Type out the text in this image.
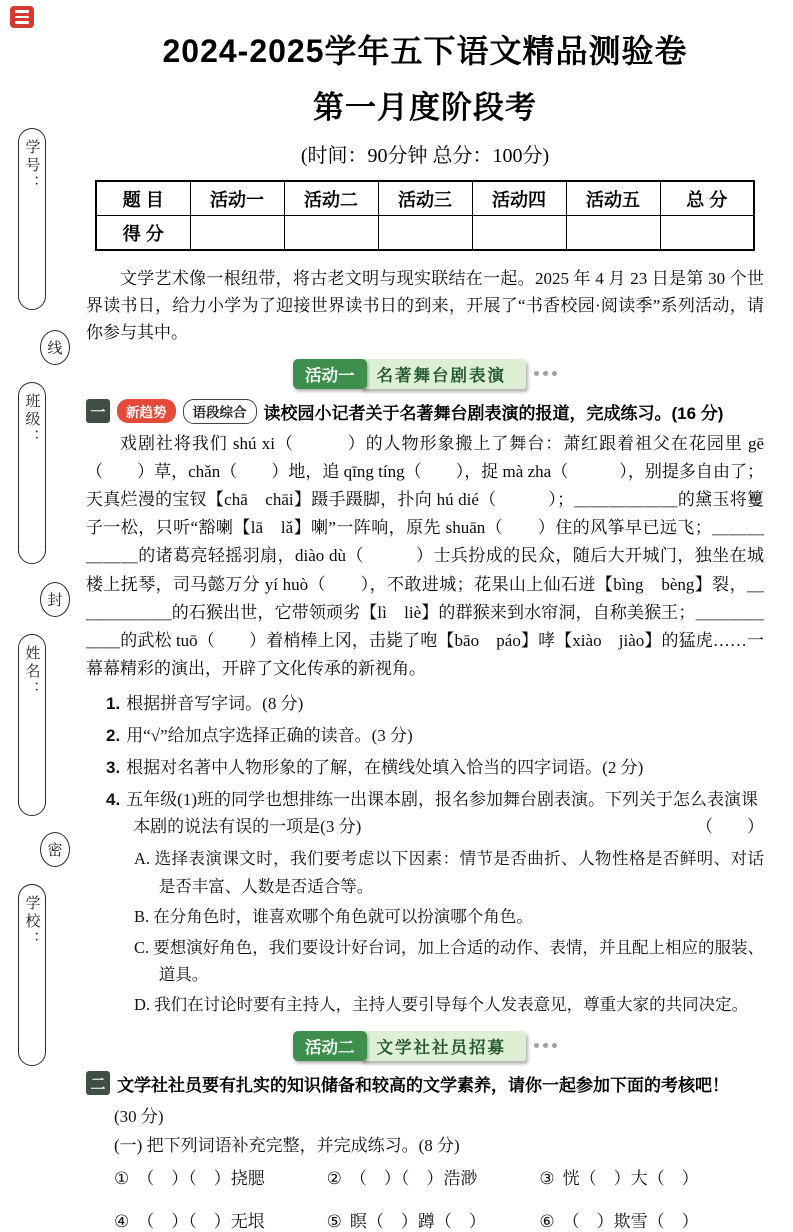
学号：
线
班级：
封
姓名：
密
学校：
2024-2025学年五下语文精品测验卷
第一月度阶段考
(时间：90分钟 总分：100分)
题 目	活动一	活动二	活动三	活动四	活动五	总 分
得 分						

文学艺术像一根纽带，将古老文明与现实联结在一起。2025 年 4 月 23 日是第 30 个世界读书日，给力小学为了迎接世界读书日的到来，开展了“书香校园·阅读季”系列活动，请你参与其中。

活动一	名著舞台剧表演
一	新趋势	语段综合	读校园小记者关于名著舞台剧表演的报道，完成练习。(16 分)

戏剧社将我们 shú xi（　　　）的人物形象搬上了舞台：萧红跟着祖父在花园里 gē（　　）草，chǎn（　　）地，追 qīng tíng（　　），捉 mà zha（　　　），别提多自由了；天真烂漫的宝钗【chā　chāi】蹑手蹑脚，扑向 hú dié（　　　）；＿＿＿＿＿＿的黛玉将籰子一松，只听“豁喇【lā　lǎ】喇”一阵响，原先 shuān（　　）住的风筝早已远飞；＿＿＿＿＿＿的诸葛亮轻摇羽扇，diào dù（　　　）士兵扮成的民众，随后大开城门，独坐在城楼上抚琴，司马懿万分 yí huò（　　），不敢进城；花果山上仙石迸【bìng　bèng】裂，＿＿＿＿＿＿的石猴出世，它带领顽劣【lì　liè】的群猴来到水帘洞，自称美猴王；＿＿＿＿＿＿的武松 tuō（　　）着梢棒上冈，击毙了咆【bāo　páo】哮【xiào　jiào】的猛虎……一幕幕精彩的演出，开辟了文化传承的新视角。

1. 根据拼音写字词。(8 分)
2. 用“√”给加点字选择正确的读音。(3 分)
3. 根据对名著中人物形象的了解，在横线处填入恰当的四字词语。(2 分)
4. 五年级(1)班的同学也想排练一出课本剧，报名参加舞台剧表演。下列关于怎么表演课本剧的说法有误的一项是(3 分)	（　　）
A. 选择表演课文时，我们要考虑以下因素：情节是否曲折、人物性格是否鲜明、对话是否丰富、人数是否适合等。
B. 在分角色时，谁喜欢哪个角色就可以扮演哪个角色。
C. 要想演好角色，我们要设计好台词，加上合适的动作、表情，并且配上相应的服装、道具。
D. 我们在讨论时要有主持人，主持人要引导每个人发表意见，尊重大家的共同决定。
活动二	文学社社员招募
二 文学社社员要有扎实的知识储备和较高的文学素养，请你一起参加下面的考核吧！
(30 分)
(一) 把下列词语补充完整，并完成练习。(8 分)
① （　）（　）挠腮	② （　）（　）浩渺	③ 恍（　）大（　）
④ （　）（　）无垠	⑤ 瞑（　）蹲（　）	⑥ （　）欺雪（　）
